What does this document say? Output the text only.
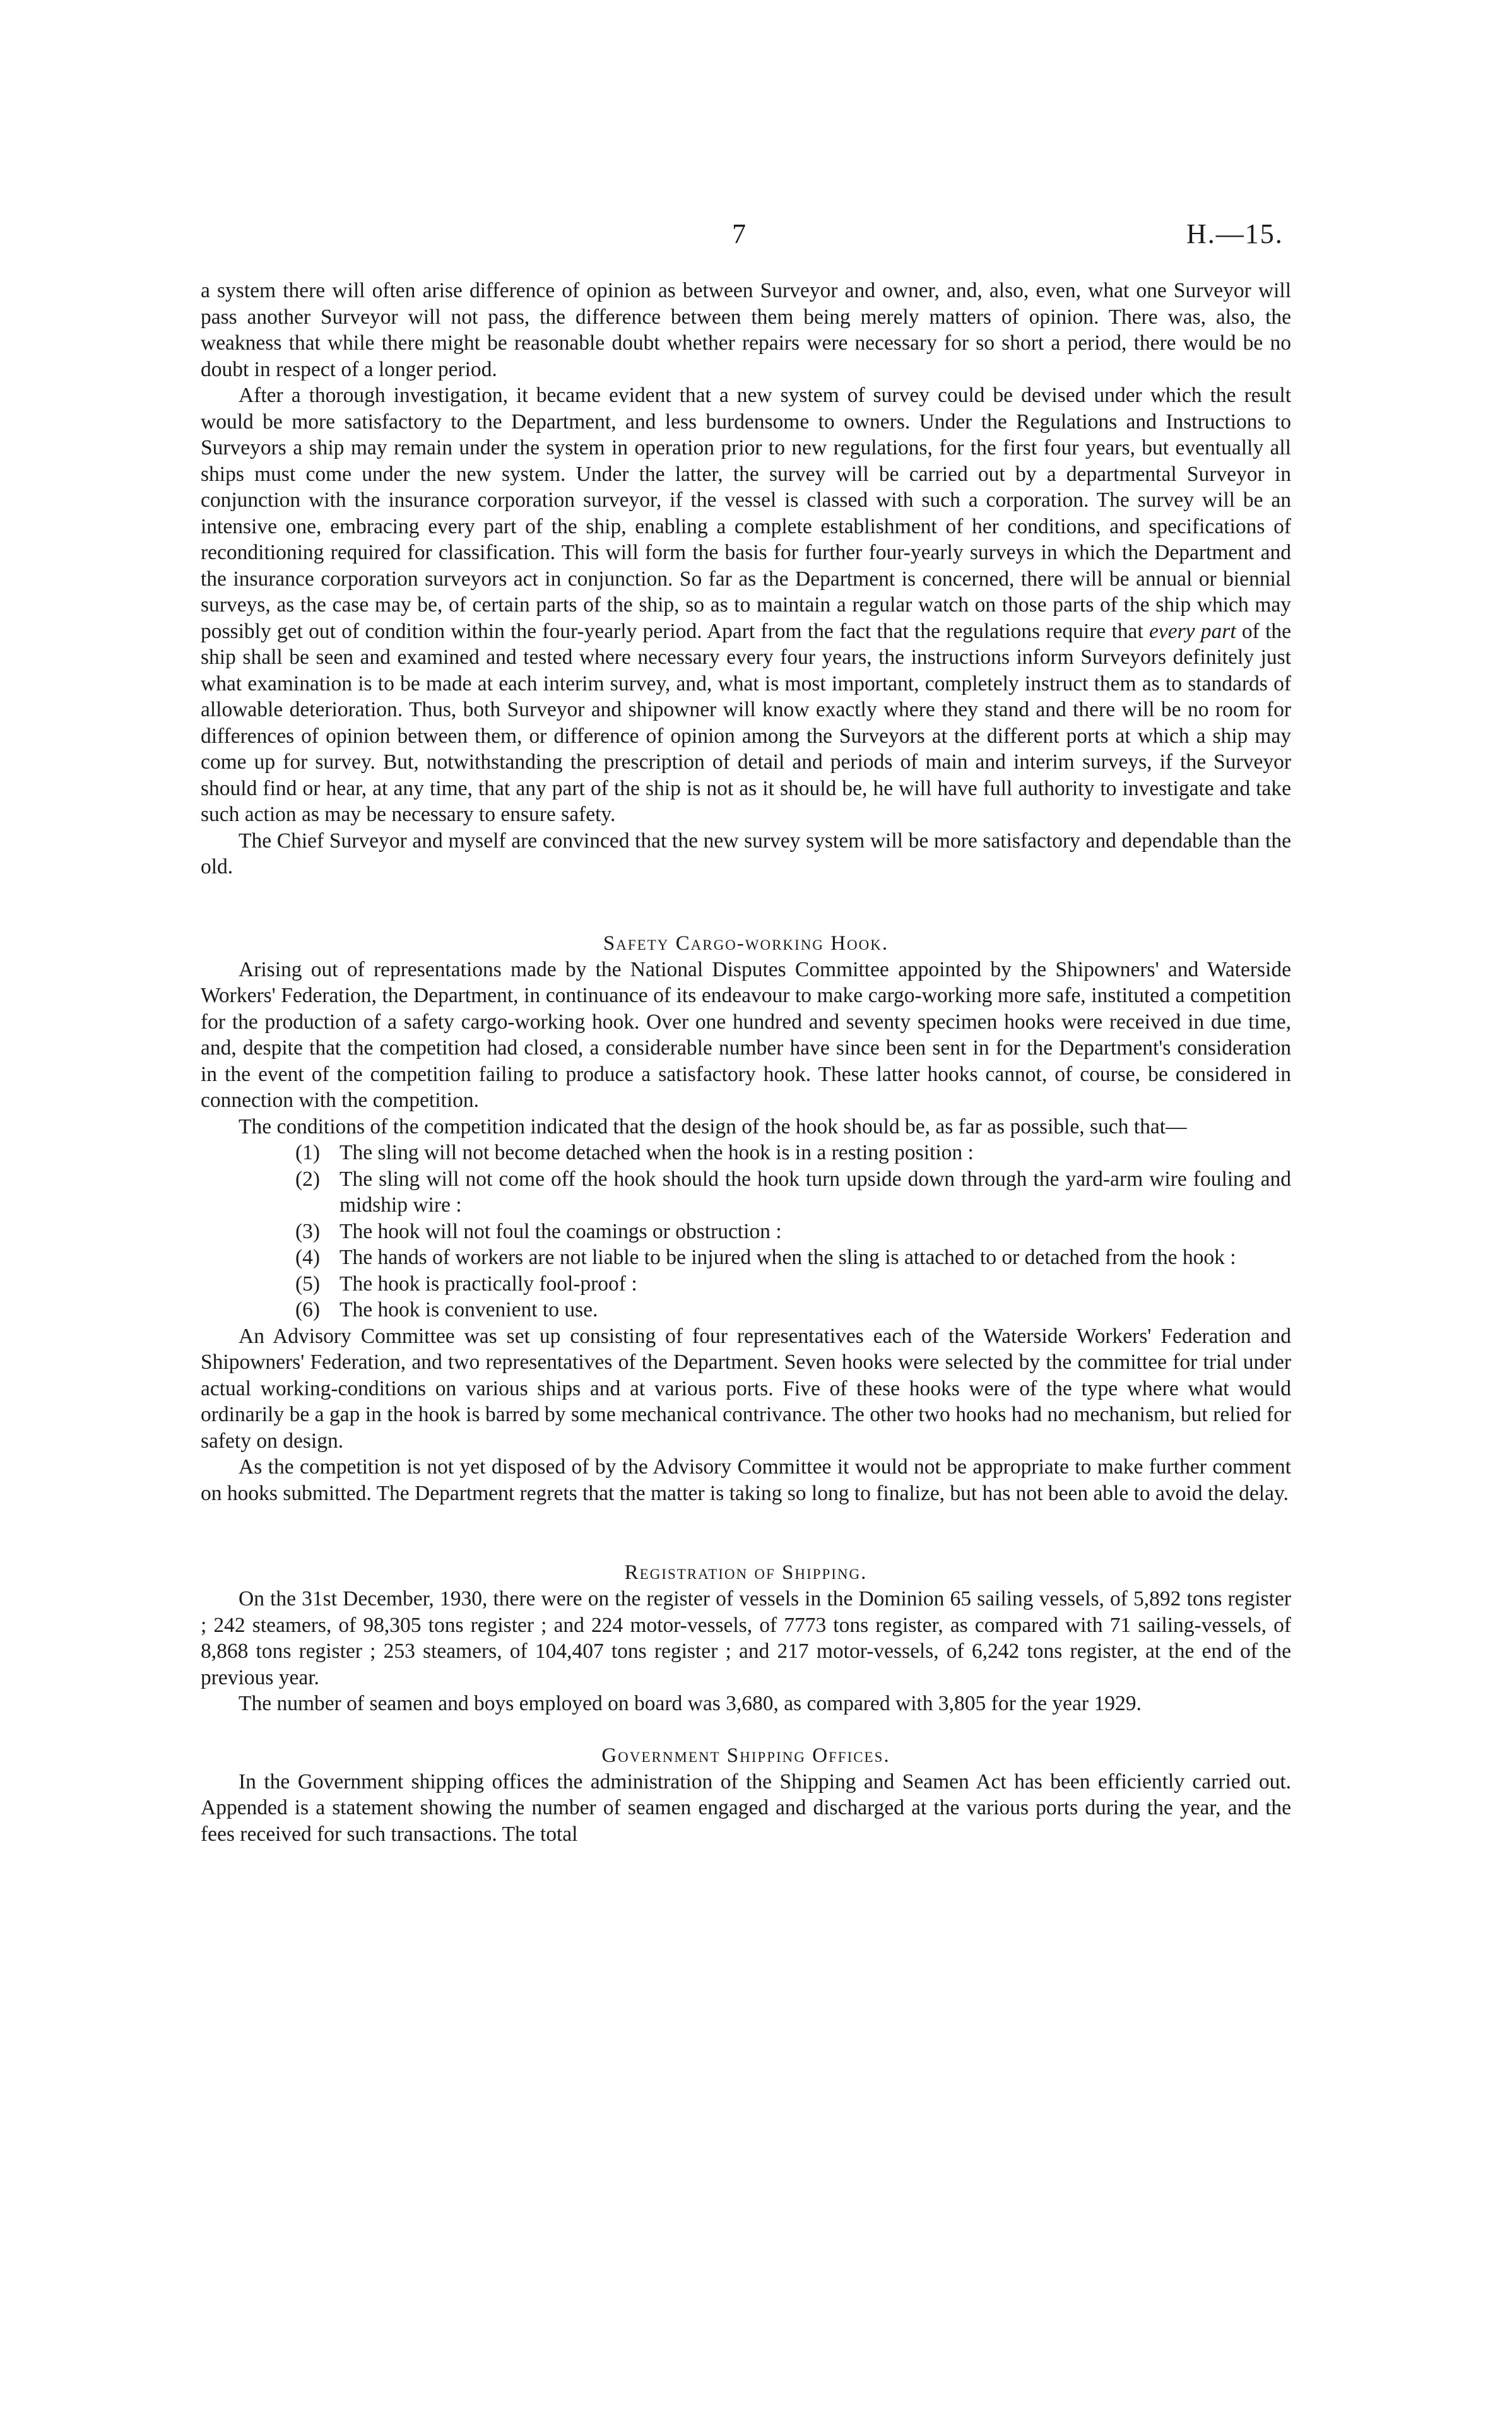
7	H.—15.

a system there will often arise difference of opinion as between Surveyor and owner, and, also, even, what one Surveyor will pass another Surveyor will not pass, the difference between them being merely matters of opinion. There was, also, the weakness that while there might be reasonable doubt whether repairs were necessary for so short a period, there would be no doubt in respect of a longer period.

After a thorough investigation, it became evident that a new system of survey could be devised under which the result would be more satisfactory to the Department, and less burdensome to owners. Under the Regulations and Instructions to Surveyors a ship may remain under the system in operation prior to new regulations, for the first four years, but eventually all ships must come under the new system. Under the latter, the survey will be carried out by a departmental Surveyor in conjunction with the insurance corporation surveyor, if the vessel is classed with such a corporation. The survey will be an intensive one, embracing every part of the ship, enabling a complete establishment of her conditions, and specifications of reconditioning required for classification. This will form the basis for further four-yearly surveys in which the Department and the insurance corporation surveyors act in conjunction. So far as the Department is concerned, there will be annual or biennial surveys, as the case may be, of certain parts of the ship, so as to maintain a regular watch on those parts of the ship which may possibly get out of condition within the four-yearly period. Apart from the fact that the regulations require that every part of the ship shall be seen and examined and tested where necessary every four years, the instructions inform Surveyors definitely just what examination is to be made at each interim survey, and, what is most important, completely instruct them as to standards of allowable deterioration. Thus, both Surveyor and shipowner will know exactly where they stand and there will be no room for differences of opinion between them, or difference of opinion among the Surveyors at the different ports at which a ship may come up for survey. But, notwithstanding the prescription of detail and periods of main and interim surveys, if the Surveyor should find or hear, at any time, that any part of the ship is not as it should be, he will have full authority to investigate and take such action as may be necessary to ensure safety.

The Chief Surveyor and myself are convinced that the new survey system will be more satisfactory and dependable than the old.

Safety Cargo-working Hook.

Arising out of representations made by the National Disputes Committee appointed by the Shipowners' and Waterside Workers' Federation, the Department, in continuance of its endeavour to make cargo-working more safe, instituted a competition for the production of a safety cargo-working hook. Over one hundred and seventy specimen hooks were received in due time, and, despite that the competition had closed, a considerable number have since been sent in for the Department's consideration in the event of the competition failing to produce a satisfactory hook. These latter hooks cannot, of course, be considered in connection with the competition.

The conditions of the competition indicated that the design of the hook should be, as far as possible, such that—

(1) The sling will not become detached when the hook is in a resting position :
(2) The sling will not come off the hook should the hook turn upside down through the yard-arm wire fouling and midship wire :
(3) The hook will not foul the coamings or obstruction :
(4) The hands of workers are not liable to be injured when the sling is attached to or detached from the hook :
(5) The hook is practically fool-proof :
(6) The hook is convenient to use.

An Advisory Committee was set up consisting of four representatives each of the Waterside Workers' Federation and Shipowners' Federation, and two representatives of the Department. Seven hooks were selected by the committee for trial under actual working-conditions on various ships and at various ports. Five of these hooks were of the type where what would ordinarily be a gap in the hook is barred by some mechanical contrivance. The other two hooks had no mechanism, but relied for safety on design.

As the competition is not yet disposed of by the Advisory Committee it would not be appropriate to make further comment on hooks submitted. The Department regrets that the matter is taking so long to finalize, but has not been able to avoid the delay.

Registration of Shipping.

On the 31st December, 1930, there were on the register of vessels in the Dominion 65 sailing vessels, of 5,892 tons register ; 242 steamers, of 98,305 tons register ; and 224 motor-vessels, of 7773 tons register, as compared with 71 sailing-vessels, of 8,868 tons register ; 253 steamers, of 104,407 tons register ; and 217 motor-vessels, of 6,242 tons register, at the end of the previous year.

The number of seamen and boys employed on board was 3,680, as compared with 3,805 for the year 1929.

Government Shipping Offices.

In the Government shipping offices the administration of the Shipping and Seamen Act has been efficiently carried out. Appended is a statement showing the number of seamen engaged and discharged at the various ports during the year, and the fees received for such transactions. The total
